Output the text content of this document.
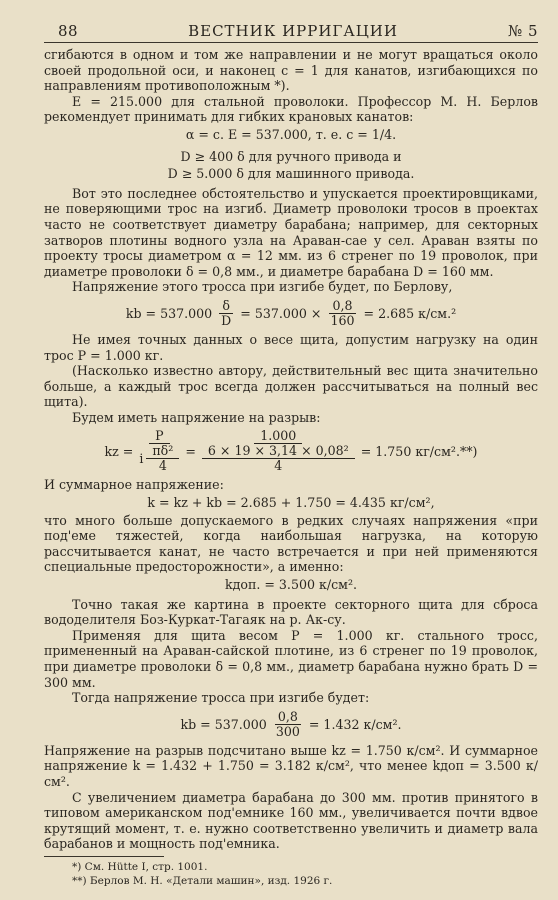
88	ВЕСТНИК ИРРИГАЦИИ	№ 5

сгибаются в одном и том же направлении и не могут вращаться около своей продольной оси, и наконец c = 1 для канатов, изгибающихся по направлениям противоположным *).

E = 215.000 для стальной проволоки. Профессор М. Н. Берлов рекомендует принимать для гибких крановых канатов:

α = c. E = 537.000, т. е. c = 1/4.

D ≥ 400 δ для ручного привода и

D ≥ 5.000 δ для машинного привода.

Вот это последнее обстоятельство и упускается проектировщиками, не поверяющими трос на изгиб. Диаметр проволоки тросов в проектах часто не соответствует диаметру барабана; например, для секторных затворов плотины водного узла на Араван-сае у сел. Араван взяты по проекту тросы диаметром α = 12 мм. из 6 стренег по 19 проволок, при диаметре проволоки δ = 0,8 мм., и диаметре барабана D = 160 мм.

Напряжение этого тросса при изгибе будет, по Берлову,

kb = $537.000 \frac{\delta}{D} = 537.000 \times \frac{0,8}{160} = 2.685$ к/см.²

Не имея точных данных о весе щита, допустим нагрузку на один трос P = 1.000 кг.

(Насколько известно автору, действительный вес щита значительно больше, а каждый трос всегда должен рассчитываться на полный вес щита).

Будем иметь напряжение на разрыв:

kz = $\frac{P}{i \frac{\text{πδ²}}{4}} = \frac{1.000}{\frac{\text{6 × 19 × 3,14 × 0,08²}}{4}} = 1.750$ кг/см².**)

И суммарное напряжение:

k = kz + kb = 2.685 + 1.750 = 4.435 кг/см²,

что много больше допускаемого в редких случаях напряжения «при под'еме тяжестей, когда наибольшая нагрузка, на которую рассчитывается канат, не часто встречается и при ней применяются специальные предосторожности», а именно:

kдоп. = 3.500 к/см².

Точно такая же картина в проекте секторного щита для сброса вододелителя Боз-Куркат-Тагаяк на р. Ак-су.

Применяя для щита весом P = 1.000 кг. стального тросс, примененный на Араван-сайской плотине, из 6 стренег по 19 проволок, при диаметре проволоки δ = 0,8 мм., диаметр барабана нужно брать D = 300 мм.

Тогда напряжение тросса при изгибе будет:

kb = $537.000 \frac{0,8}{300} = 1.432$ к/см².

Напряжение на разрыв подсчитано выше kz = 1.750 к/см². И суммарное напряжение k = 1.432 + 1.750 = 3.182 к/см², что менее kдоп = 3.500 к/см².

С увеличением диаметра барабана до 300 мм. против принятого в типовом американском под'емнике 160 мм., увеличивается почти вдвое крутящий момент, т. е. нужно соответственно увеличить и диаметр вала барабанов и мощность под'емника.

*) См. Hütte I, стр. 1001.

**) Берлов М. Н. «Детали машин», изд. 1926 г.
